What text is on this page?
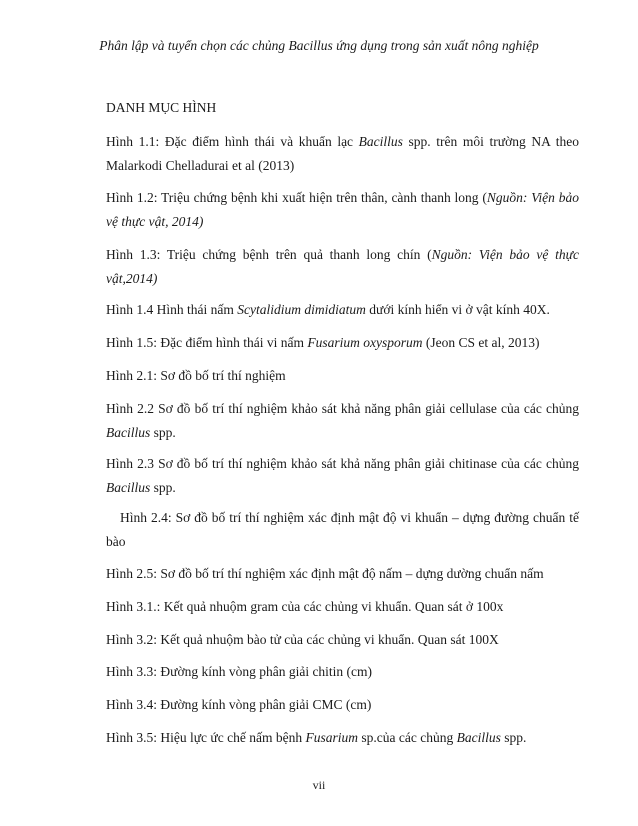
Phân lập và tuyển chọn các chủng Bacillus ứng dụng trong sản xuất nông nghiệp
DANH MỤC HÌNH
Hình 1.1: Đặc điểm hình thái và khuẩn lạc Bacillus spp. trên môi trường NA theo Malarkodi Chelladurai et al (2013)
Hình 1.2: Triệu chứng bệnh khi xuất hiện trên thân, cành thanh long (Nguồn: Viện bảo vệ thực vật, 2014)
Hình 1.3: Triệu chứng bệnh trên quả thanh long chín (Nguồn: Viện bảo vệ thực vật,2014)
Hình 1.4 Hình thái nấm Scytalidium dimidiatum dưới kính hiển vi ở vật kính 40X.
Hình 1.5: Đặc điểm hình thái vi nấm Fusarium oxysporum (Jeon CS et al, 2013)
Hình 2.1: Sơ đồ bố trí thí nghiệm
Hình 2.2 Sơ đồ bố trí thí nghiệm khảo sát khả năng phân giải cellulase của các chủng Bacillus spp.
Hình 2.3 Sơ đồ bố trí thí nghiệm khảo sát khả năng phân giải chitinase của các chủng Bacillus spp.
Hình 2.4: Sơ đồ bố trí thí nghiệm xác định mật độ vi khuẩn – dựng đường chuẩn tế bào
Hình 2.5: Sơ đồ bố trí thí nghiệm xác định mật độ nấm – dựng dường chuẩn nấm
Hình 3.1.: Kết quả nhuộm gram của các chủng vi khuẩn. Quan sát ở 100x
Hình 3.2: Kết quả nhuộm bào tử của các chủng vi khuẩn. Quan sát 100X
Hình 3.3: Đường kính vòng phân giải chitin (cm)
Hình 3.4: Đường kính vòng phân giải CMC (cm)
Hình 3.5: Hiệu lực ức chế nấm bệnh Fusarium sp.của các chủng Bacillus spp.
vii
